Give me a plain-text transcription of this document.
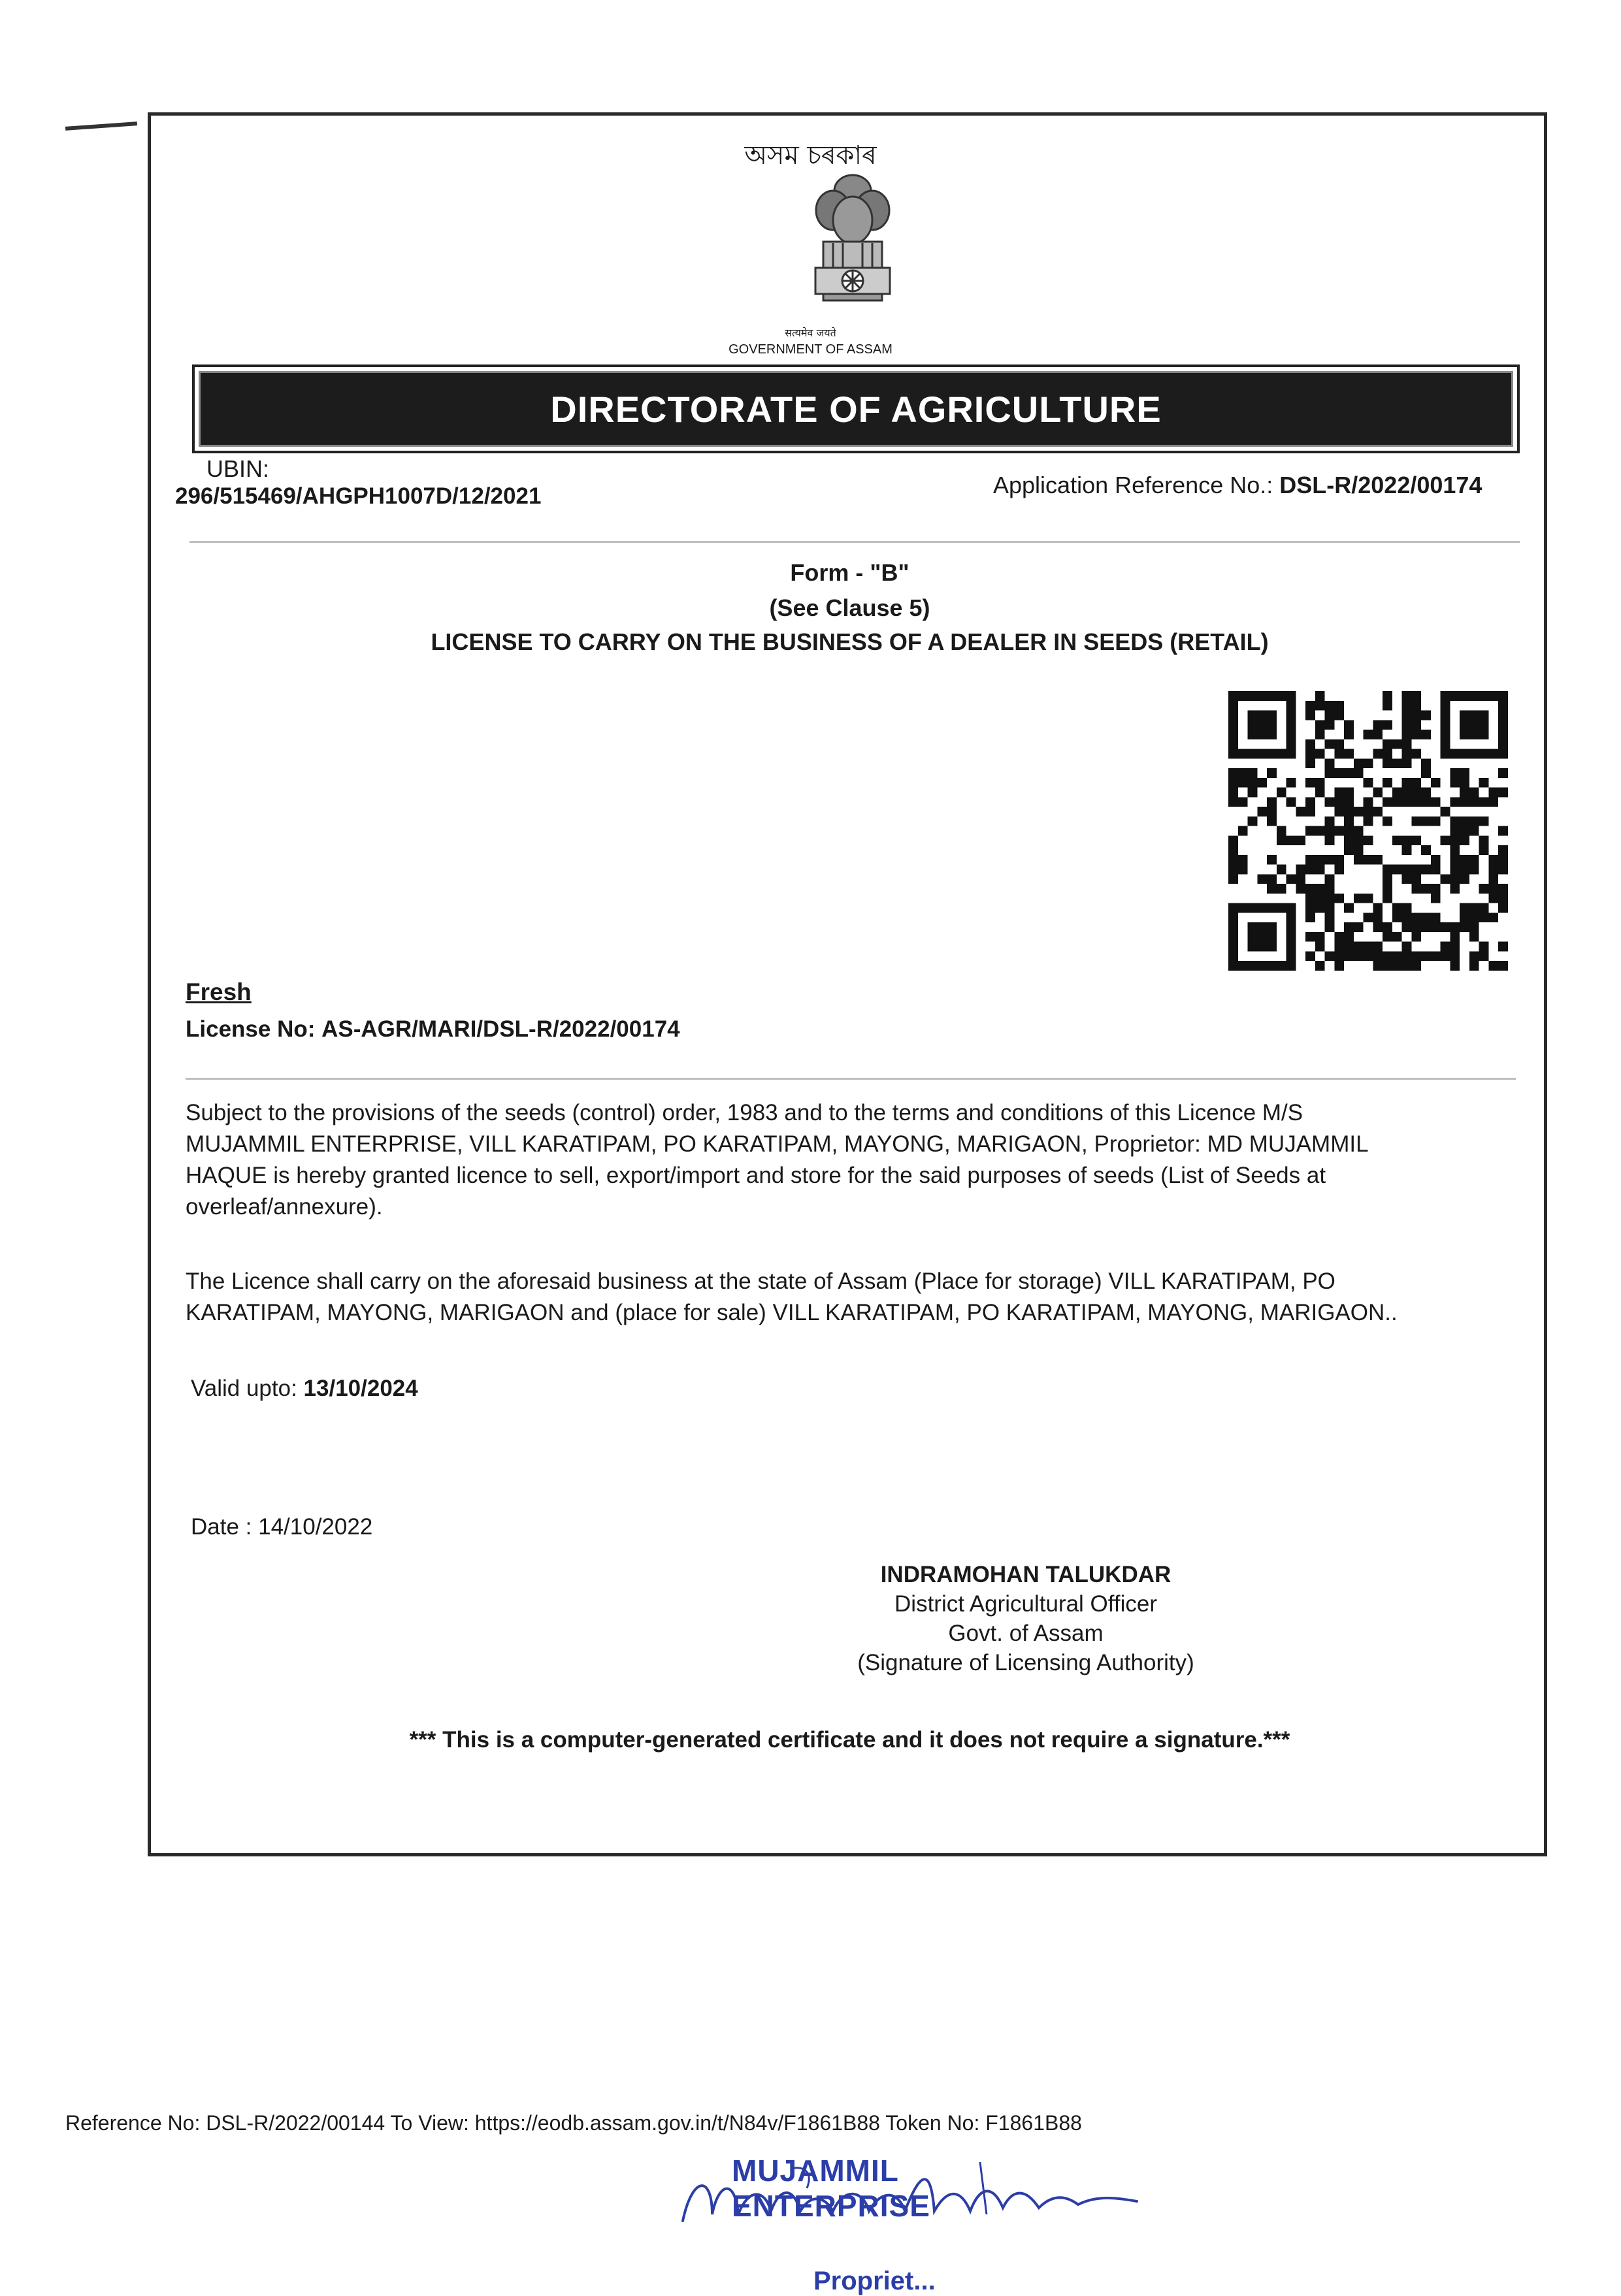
অসম চৰকাৰ
सत्यमेव जयते
GOVERNMENT OF ASSAM
DIRECTORATE OF AGRICULTURE
UBIN:
296/515469/AHGPH1007D/12/2021	Application Reference No.: DSL-R/2022/00174
Form - "B"
(See Clause 5)
LICENSE TO CARRY ON THE BUSINESS OF A DEALER IN SEEDS (RETAIL)
Fresh
License No: AS-AGR/MARI/DSL-R/2022/00174
Subject to the provisions of the seeds (control) order, 1983 and to the terms and conditions of this Licence M/S
MUJAMMIL ENTERPRISE, VILL KARATIPAM, PO KARATIPAM, MAYONG, MARIGAON, Proprietor: MD MUJAMMIL
HAQUE is hereby granted licence to sell, export/import and store for the said purposes of seeds (List of Seeds at
overleaf/annexure).
The Licence shall carry on the aforesaid business at the state of Assam (Place for storage) VILL KARATIPAM, PO
KARATIPAM, MAYONG, MARIGAON and (place for sale) VILL KARATIPAM, PO KARATIPAM, MAYONG, MARIGAON..
Valid upto: 13/10/2024
Date : 14/10/2022
INDRAMOHAN TALUKDAR
District Agricultural Officer
Govt. of Assam
(Signature of Licensing Authority)
*** This is a computer-generated certificate and it does not require a signature.***
Reference No: DSL-R/2022/00144 To View: https://eodb.assam.gov.in/t/N84v/F1861B88 Token No: F1861B88
MUJAMMIL ENTERPRISE
Propriet...
